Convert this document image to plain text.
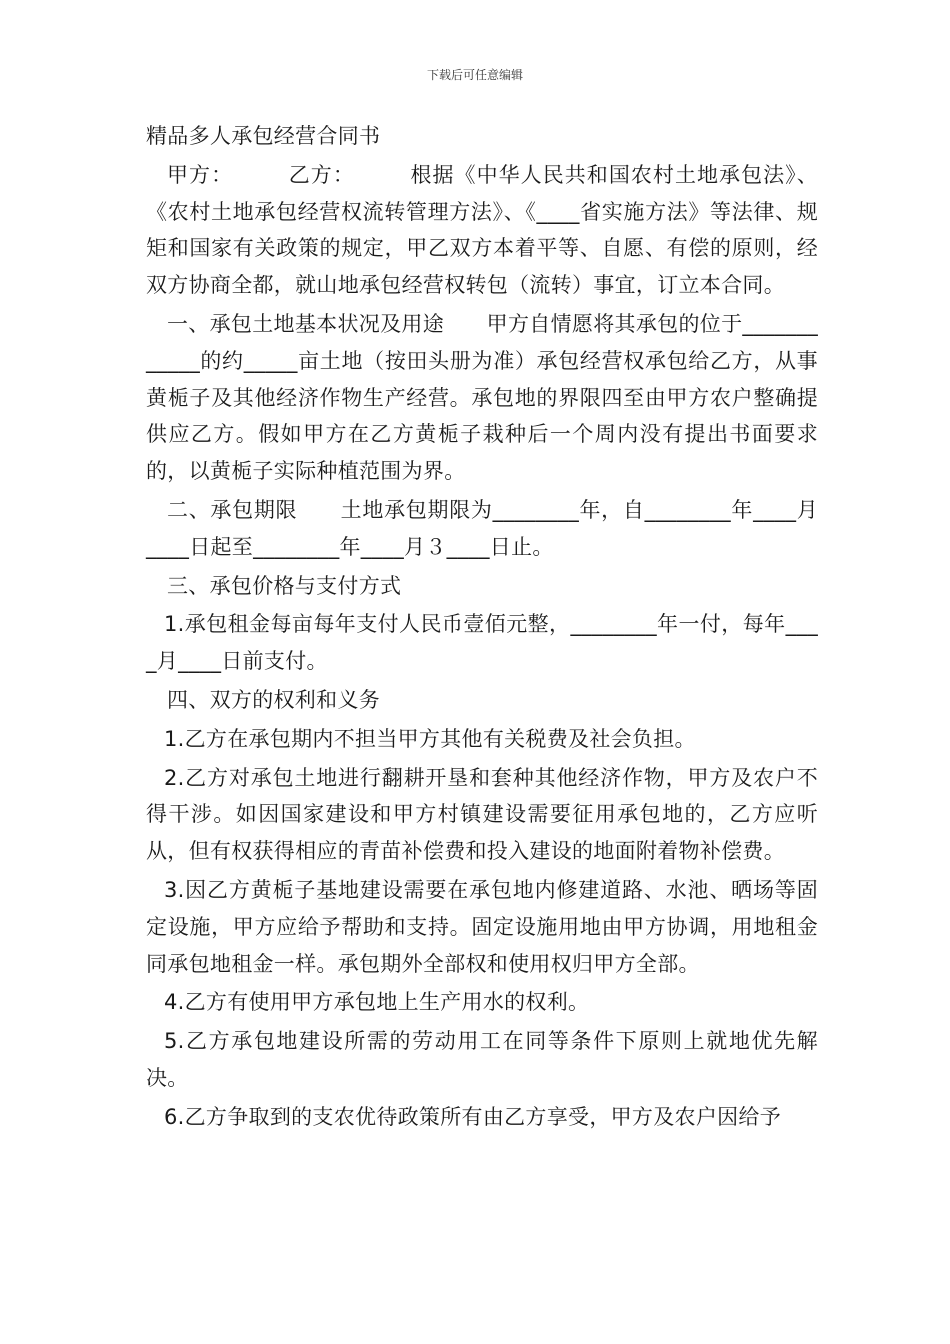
下载后可任意编辑
精品多人承包经营合同书

甲方：　　　乙方：　　　根据《中华人民共和国农村土地承包法》、《农村土地承包经营权流转管理方法》、《____省实施方法》等法律、规矩和国家有关政策的规定，甲乙双方本着平等、自愿、有偿的原则，经双方协商全都，就山地承包经营权转包（流转）事宜，订立本合同。

一、承包土地基本状况及用途　　甲方自情愿将其承包的位于____________的约_____亩土地（按田头册为准）承包经营权承包给乙方，从事黄栀子及其他经济作物生产经营。承包地的界限四至由甲方农户整确提供应乙方。假如甲方在乙方黄栀子栽种后一个周内没有提出书面要求的，以黄栀子实际种植范围为界。

二、承包期限　　土地承包期限为________年，自________年____月____日起至________年____月３____日止。

三、承包价格与支付方式

1.承包租金每亩每年支付人民币壹佰元整，________年一付，每年____月____日前支付。

四、双方的权利和义务

1.乙方在承包期内不担当甲方其他有关税费及社会负担。

2.乙方对承包土地进行翻耕开垦和套种其他经济作物，甲方及农户不得干涉。如因国家建设和甲方村镇建设需要征用承包地的，乙方应听从，但有权获得相应的青苗补偿费和投入建设的地面附着物补偿费。

3.因乙方黄栀子基地建设需要在承包地内修建道路、水池、晒场等固定设施，甲方应给予帮助和支持。固定设施用地由甲方协调，用地租金同承包地租金一样。承包期外全部权和使用权归甲方全部。

4.乙方有使用甲方承包地上生产用水的权利。

5.乙方承包地建设所需的劳动用工在同等条件下原则上就地优先解决。

6.乙方争取到的支农优待政策所有由乙方享受，甲方及农户因给予
